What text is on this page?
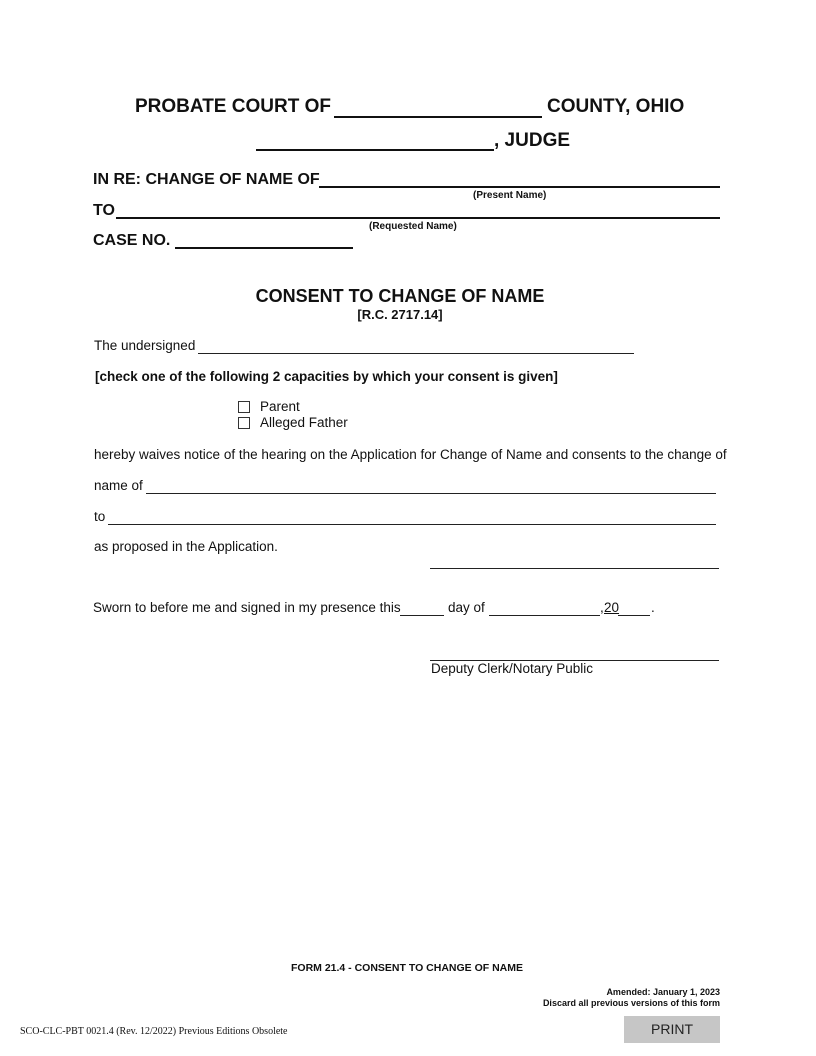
PROBATE COURT OF	COUNTY, OHIO
, JUDGE
IN RE: CHANGE OF NAME OF
(Present Name)
TO
(Requested Name)
CASE NO.
CONSENT TO CHANGE OF NAME
[R.C. 2717.14]
The undersigned
[check one of the following 2 capacities by which your consent is given]
Parent
Alleged Father
hereby waives notice of the hearing on the Application for Change of Name and consents to the change of
name of
to
as proposed in the Application.
Sworn to before me and signed in my presence this	day of	, 20 .
Deputy Clerk/Notary Public
FORM 21.4 - CONSENT TO CHANGE OF NAME
Amended: January 1, 2023
Discard all previous versions of this form
SCO-CLC-PBT 0021.4 (Rev. 12/2022) Previous Editions Obsolete	PRINT
